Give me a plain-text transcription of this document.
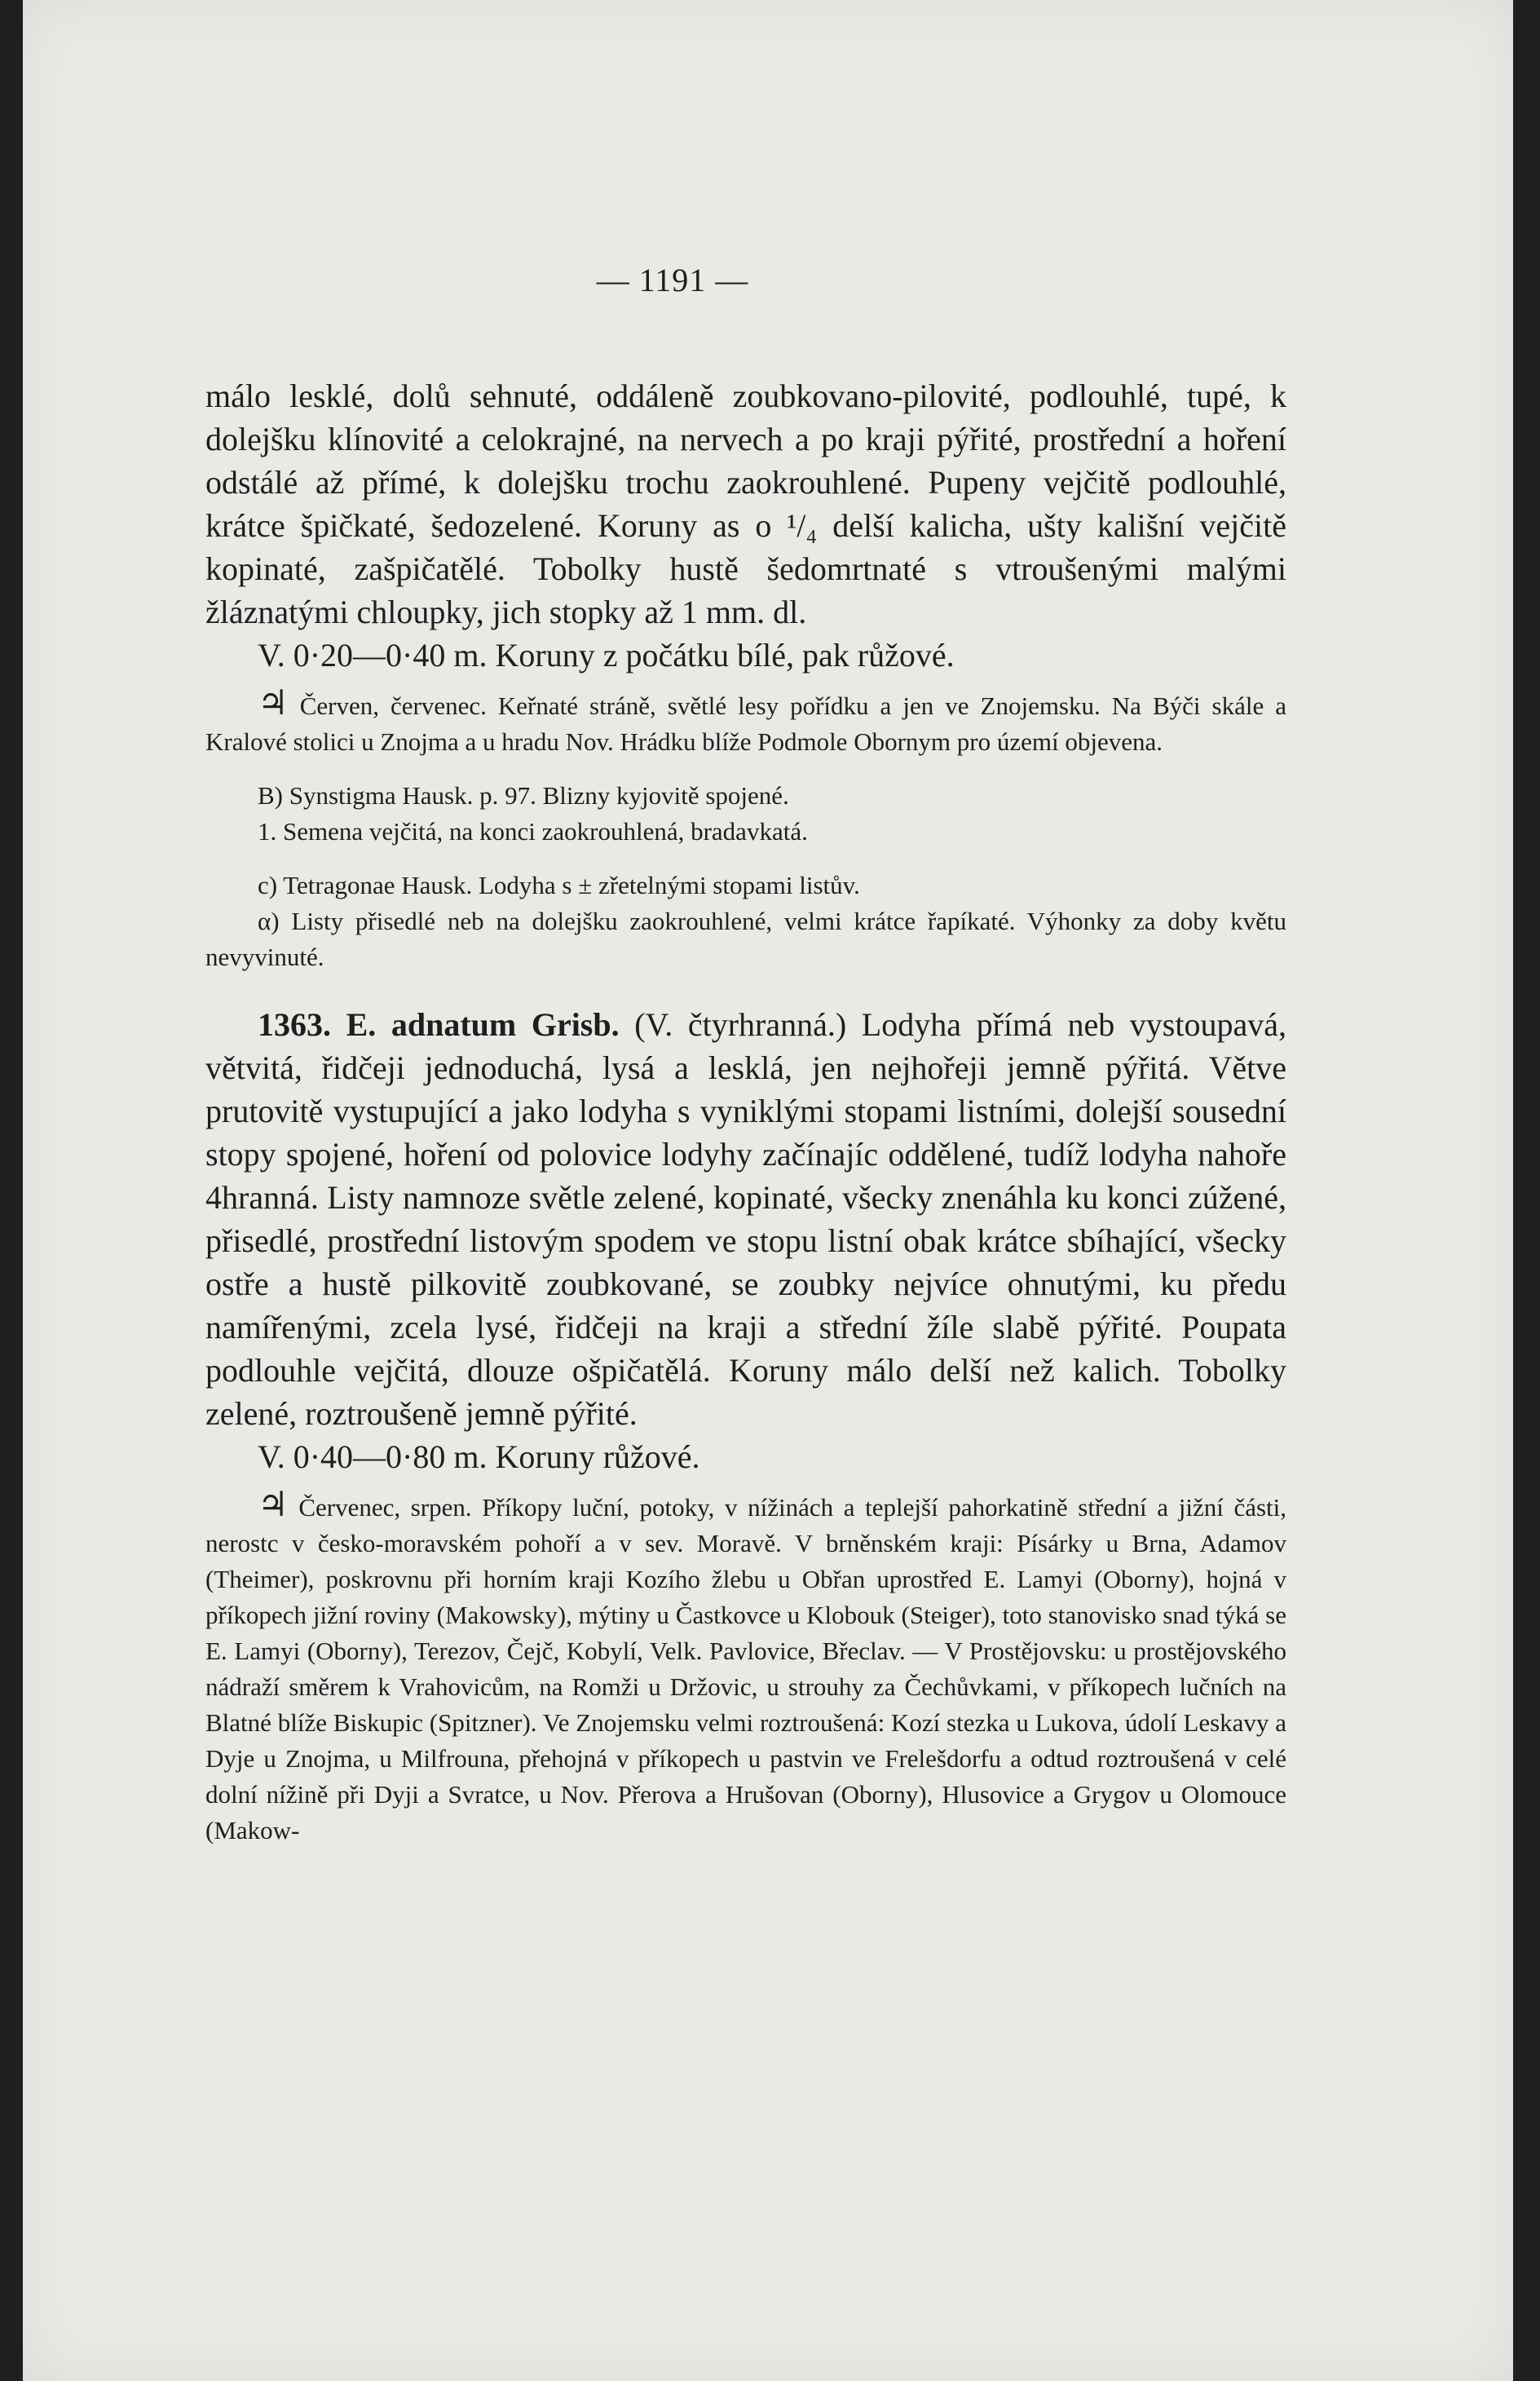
— 1191 —

málo lesklé, dolů sehnuté, oddáleně zoubkovano-pilovité, podlouhlé, tupé, k dolejšku klínovité a celokrajné, na nervech a po kraji pýřité, prostřední a hoření odstálé až přímé, k dolejšku trochu zaokrouhlené. Pupeny vejčitě podlouhlé, krátce špičkaté, šedozelené. Koruny as o ¹/₄ delší kalicha, ušty kališní vejčitě kopinaté, zašpičatělé. Tobolky hustě šedomrtnaté s vtroušenými malými žláznatými chloupky, jich stopky až 1 mm. dl.

V. 0·20—0·40 m. Koruny z počátku bílé, pak růžové.

♃ Červen, červenec. Keřnaté stráně, světlé lesy pořídku a jen ve Znojemsku. Na Býči skále a Kralové stolici u Znojma a u hradu Nov. Hrádku blíže Podmole Obornym pro území objevena.

B) Synstigma Hausk. p. 97. Blizny kyjovitě spojené.

1. Semena vejčitá, na konci zaokrouhlená, bradavkatá.

c) Tetragonae Hausk. Lodyha s ± zřetelnými stopami listův.

α) Listy přisedlé neb na dolejšku zaokrouhlené, velmi krátce řapíkaté. Výhonky za doby květu nevyvinuté.

1363. E. adnatum Grisb. (V. čtyrhranná.) Lodyha přímá neb vystoupavá, větvitá, řidčeji jednoduchá, lysá a lesklá, jen nejhořeji jemně pýřitá. Větve prutovitě vystupující a jako lodyha s vyniklými stopami listními, dolejší sousední stopy spojené, hoření od polovice lodyhy začínajíc oddělené, tudíž lodyha nahoře 4hranná. Listy namnoze světle zelené, kopinaté, všecky znenáhla ku konci zúžené, přisedlé, prostřední listovým spodem ve stopu listní obak krátce sbíhající, všecky ostře a hustě pilkovitě zoubkované, se zoubky nejvíce ohnutými, ku předu namířenými, zcela lysé, řidčeji na kraji a střední žíle slabě pýřité. Poupata podlouhle vejčitá, dlouze ošpičatělá. Koruny málo delší než kalich. Tobolky zelené, roztroušeně jemně pýřité.

V. 0·40—0·80 m. Koruny růžové.

♃ Červenec, srpen. Příkopy luční, potoky, v nížinách a teplejší pahorkatině střední a jižní části, nerostc v česko-moravském pohoří a v sev. Moravě. V brněnském kraji: Písárky u Brna, Adamov (Theimer), poskrovnu při horním kraji Kozího žlebu u Obřan uprostřed E. Lamyi (Oborny), hojná v příkopech jižní roviny (Makowsky), mýtiny u Častkovce u Klobouk (Steiger), toto stanovisko snad týká se E. Lamyi (Oborny), Terezov, Čejč, Kobylí, Velk. Pavlovice, Břeclav. — V Prostějovsku: u prostějovského nádraží směrem k Vrahovicům, na Romži u Držovic, u strouhy za Čechůvkami, v příkopech lučních na Blatné blíže Biskupic (Spitzner). Ve Znojemsku velmi roztroušená: Kozí stezka u Lukova, údolí Leskavy a Dyje u Znojma, u Milfrouna, přehojná v příkopech u pastvin ve Frelešdorfu a odtud roztroušená v celé dolní nížině při Dyji a Svratce, u Nov. Přerova a Hrušovan (Oborny), Hlusovice a Grygov u Olomouce (Makow-
